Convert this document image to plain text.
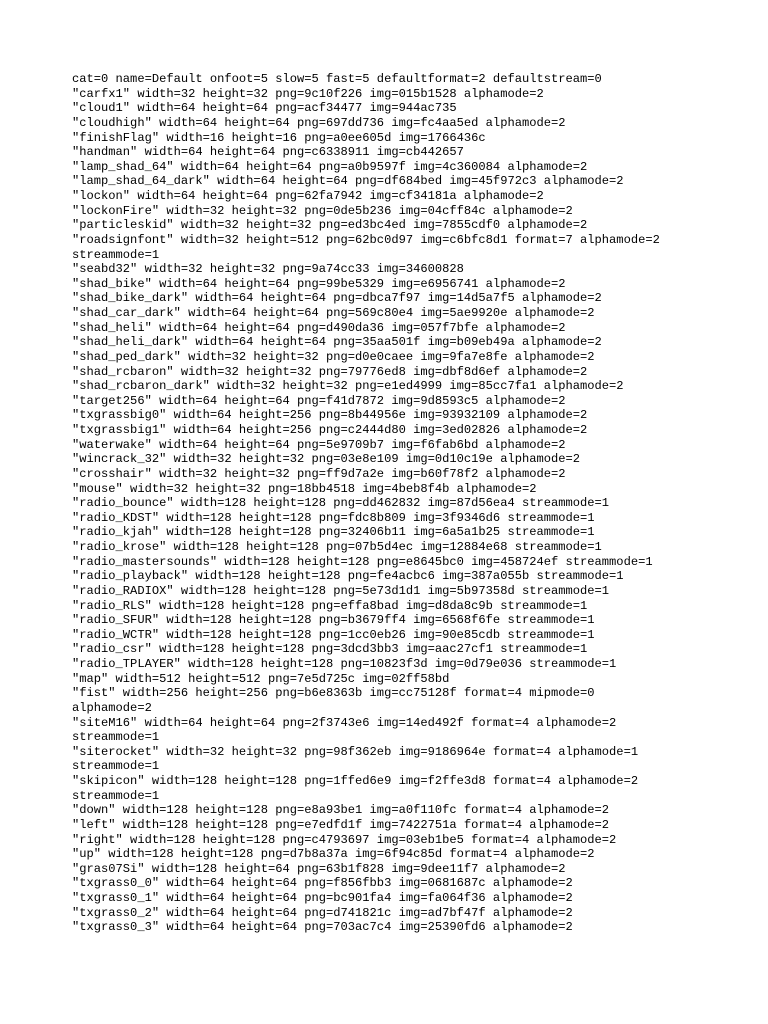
cat=0 name=Default onfoot=5 slow=5 fast=5 defaultformat=2 defaultstream=0
"carfx1" width=32 height=32 png=9c10f226 img=015b1528 alphamode=2
"cloud1" width=64 height=64 png=acf34477 img=944ac735
"cloudhigh" width=64 height=64 png=697dd736 img=fc4aa5ed alphamode=2
"finishFlag" width=16 height=16 png=a0ee605d img=1766436c
"handman" width=64 height=64 png=c6338911 img=cb442657
"lamp_shad_64" width=64 height=64 png=a0b9597f img=4c360084 alphamode=2
"lamp_shad_64_dark" width=64 height=64 png=df684bed img=45f972c3 alphamode=2
"lockon" width=64 height=64 png=62fa7942 img=cf34181a alphamode=2
"lockonFire" width=32 height=32 png=0de5b236 img=04cff84c alphamode=2
"particleskid" width=32 height=32 png=ed3bc4ed img=7855cdf0 alphamode=2
"roadsignfont" width=32 height=512 png=62bc0d97 img=c6bfc8d1 format=7 alphamode=2
streammode=1
"seabd32" width=32 height=32 png=9a74cc33 img=34600828
"shad_bike" width=64 height=64 png=99be5329 img=e6956741 alphamode=2
"shad_bike_dark" width=64 height=64 png=dbca7f97 img=14d5a7f5 alphamode=2
"shad_car_dark" width=64 height=64 png=569c80e4 img=5ae9920e alphamode=2
"shad_heli" width=64 height=64 png=d490da36 img=057f7bfe alphamode=2
"shad_heli_dark" width=64 height=64 png=35aa501f img=b09eb49a alphamode=2
"shad_ped_dark" width=32 height=32 png=d0e0caee img=9fa7e8fe alphamode=2
"shad_rcbaron" width=32 height=32 png=79776ed8 img=dbf8d6ef alphamode=2
"shad_rcbaron_dark" width=32 height=32 png=e1ed4999 img=85cc7fa1 alphamode=2
"target256" width=64 height=64 png=f41d7872 img=9d8593c5 alphamode=2
"txgrassbig0" width=64 height=256 png=8b44956e img=93932109 alphamode=2
"txgrassbig1" width=64 height=256 png=c2444d80 img=3ed02826 alphamode=2
"waterwake" width=64 height=64 png=5e9709b7 img=f6fab6bd alphamode=2
"wincrack_32" width=32 height=32 png=03e8e109 img=0d10c19e alphamode=2
"crosshair" width=32 height=32 png=ff9d7a2e img=b60f78f2 alphamode=2
"mouse" width=32 height=32 png=18bb4518 img=4beb8f4b alphamode=2
"radio_bounce" width=128 height=128 png=dd462832 img=87d56ea4 streammode=1
"radio_KDST" width=128 height=128 png=fdc8b809 img=3f9346d6 streammode=1
"radio_kjah" width=128 height=128 png=32406b11 img=6a5a1b25 streammode=1
"radio_krose" width=128 height=128 png=07b5d4ec img=12884e68 streammode=1
"radio_mastersounds" width=128 height=128 png=e8645bc0 img=458724ef streammode=1
"radio_playback" width=128 height=128 png=fe4acbc6 img=387a055b streammode=1
"radio_RADIOX" width=128 height=128 png=5e73d1d1 img=5b97358d streammode=1
"radio_RLS" width=128 height=128 png=effa8bad img=d8da8c9b streammode=1
"radio_SFUR" width=128 height=128 png=b3679ff4 img=6568f6fe streammode=1
"radio_WCTR" width=128 height=128 png=1cc0eb26 img=90e85cdb streammode=1
"radio_csr" width=128 height=128 png=3dcd3bb3 img=aac27cf1 streammode=1
"radio_TPLAYER" width=128 height=128 png=10823f3d img=0d79e036 streammode=1
"map" width=512 height=512 png=7e5d725c img=02ff58bd
"fist" width=256 height=256 png=b6e8363b img=cc75128f format=4 mipmode=0
alphamode=2
"siteM16" width=64 height=64 png=2f3743e6 img=14ed492f format=4 alphamode=2
streammode=1
"siterocket" width=32 height=32 png=98f362eb img=9186964e format=4 alphamode=1
streammode=1
"skipicon" width=128 height=128 png=1ffed6e9 img=f2ffe3d8 format=4 alphamode=2
streammode=1
"down" width=128 height=128 png=e8a93be1 img=a0f110fc format=4 alphamode=2
"left" width=128 height=128 png=e7edfd1f img=7422751a format=4 alphamode=2
"right" width=128 height=128 png=c4793697 img=03eb1be5 format=4 alphamode=2
"up" width=128 height=128 png=d7b8a37a img=6f94c85d format=4 alphamode=2
"gras07Si" width=128 height=64 png=63b1f828 img=9dee11f7 alphamode=2
"txgrass0_0" width=64 height=64 png=f856fbb3 img=0681687c alphamode=2
"txgrass0_1" width=64 height=64 png=bc901fa4 img=fa064f36 alphamode=2
"txgrass0_2" width=64 height=64 png=d741821c img=ad7bf47f alphamode=2
"txgrass0_3" width=64 height=64 png=703ac7c4 img=25390fd6 alphamode=2
